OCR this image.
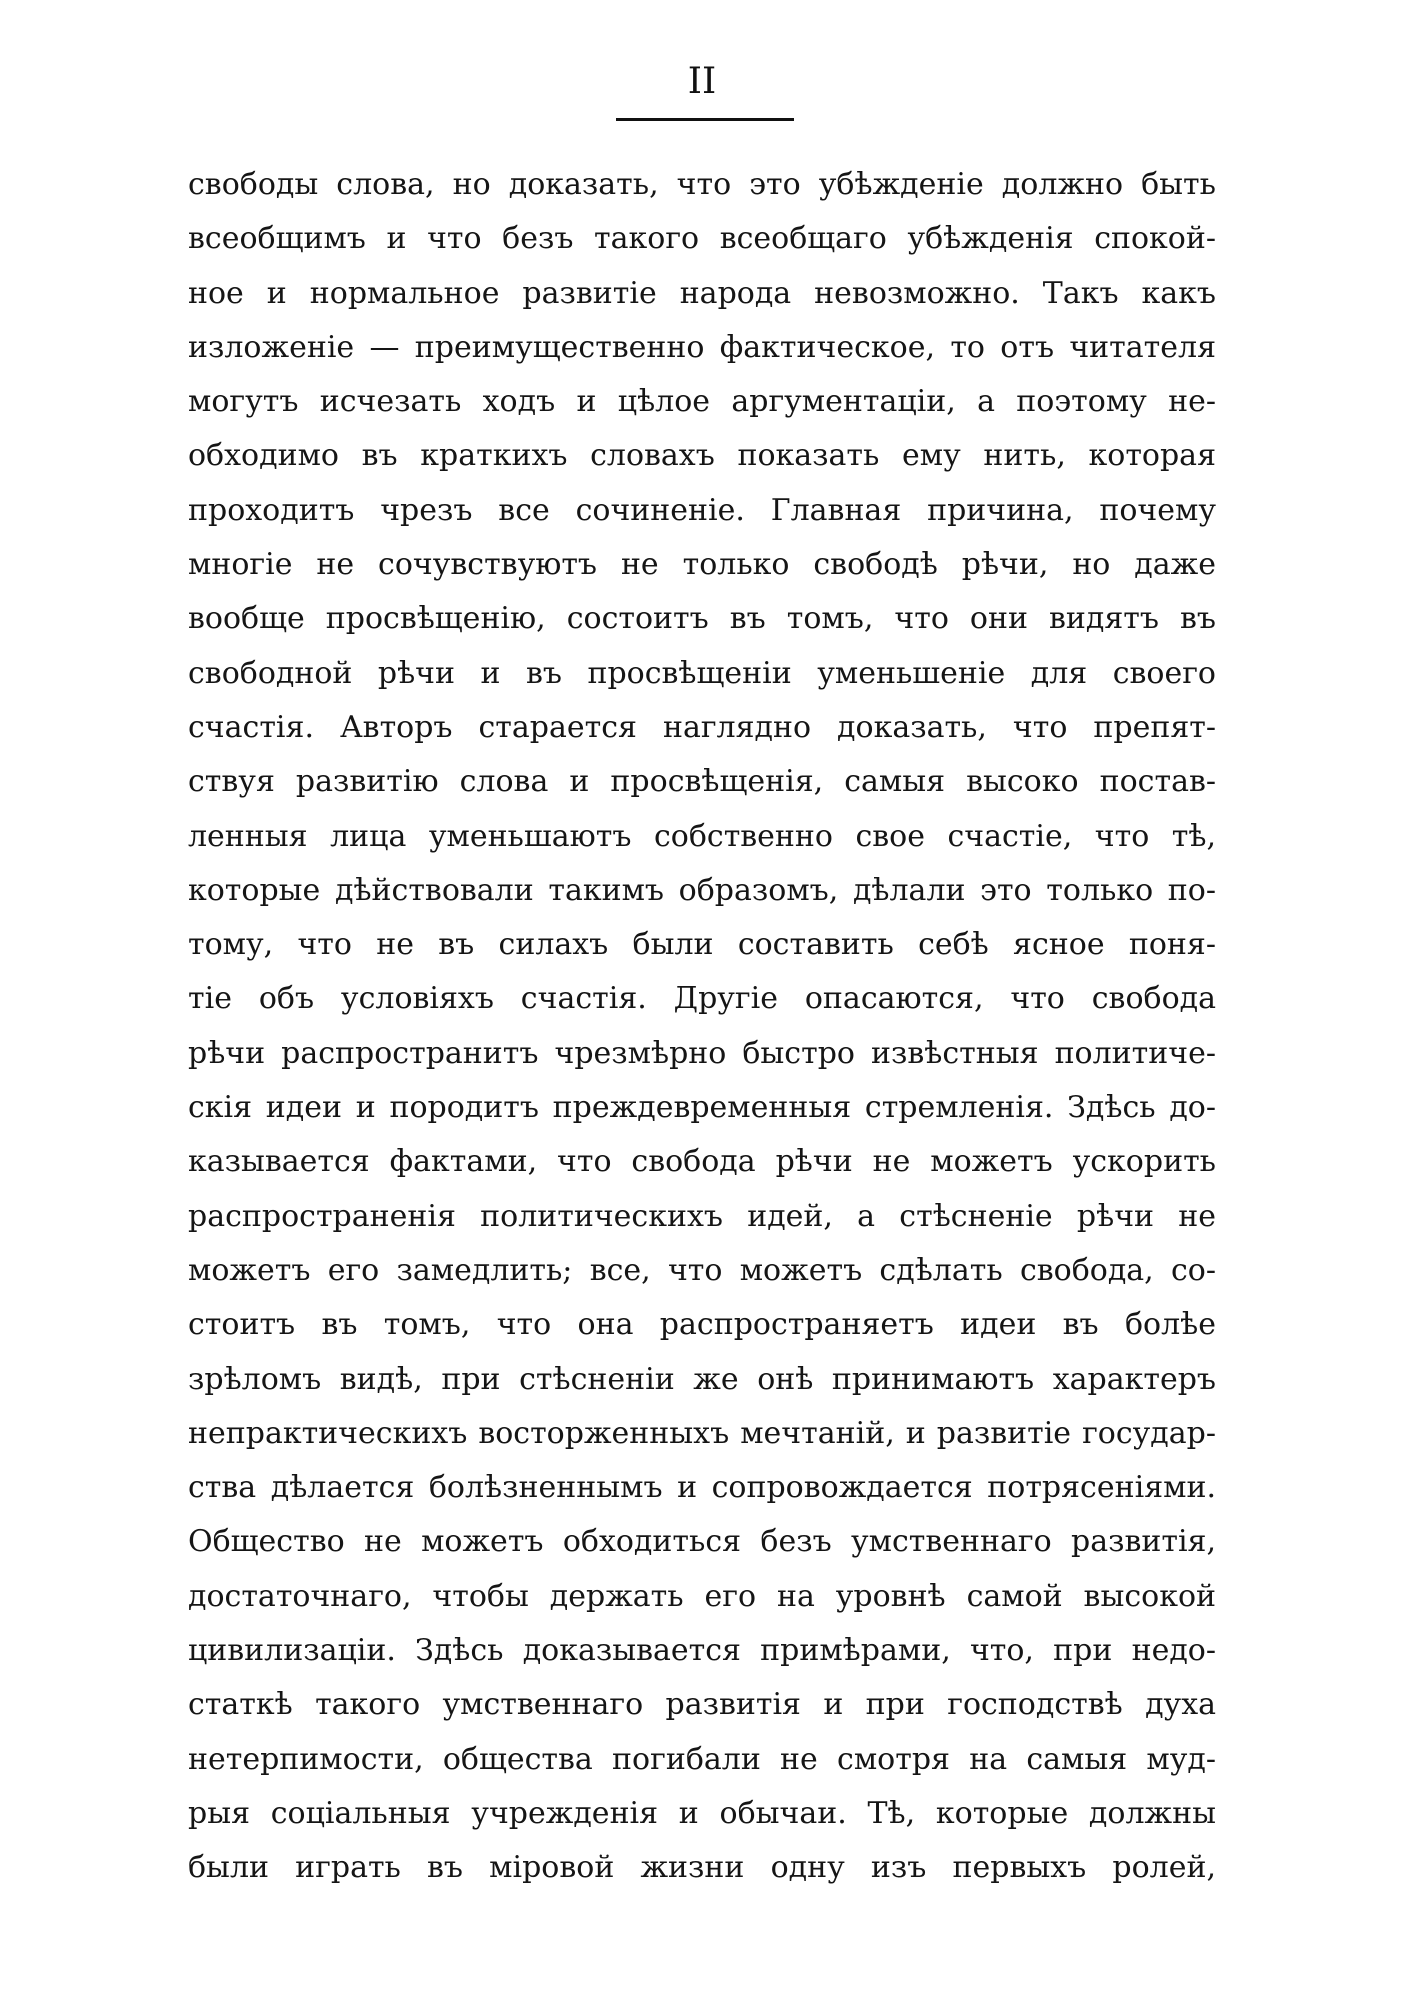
II
свободы слова, но доказать, что это убѣжденіе должно быть
всеобщимъ и что безъ такого всеобщаго убѣжденія спокой-
ное и нормальное развитіе народа невозможно. Такъ какъ
изложеніе — преимущественно фактическое, то отъ читателя
могутъ исчезать ходъ и цѣлое аргументаціи, а поэтому не-
обходимо въ краткихъ словахъ показать ему нить, которая
проходитъ чрезъ все сочиненіе. Главная причина, почему
многіе не сочувствуютъ не только свободѣ рѣчи, но даже
вообще просвѣщенію, состоитъ въ томъ, что они видятъ въ
свободной рѣчи и въ просвѣщеніи уменьшеніе для своего
счастія. Авторъ старается наглядно доказать, что препят-
ствуя развитію слова и просвѣщенія, самыя высоко постав-
ленныя лица уменьшаютъ собственно свое счастіе, что тѣ,
которые дѣйствовали такимъ образомъ, дѣлали это только по-
тому, что не въ силахъ были составить себѣ ясное поня-
тіе объ условіяхъ счастія. Другіе опасаются, что свобода
рѣчи распространитъ чрезмѣрно быстро извѣстныя политиче-
скія идеи и породитъ преждевременныя стремленія. Здѣсь до-
казывается фактами, что свобода рѣчи не можетъ ускорить
распространенія политическихъ идей, а стѣсненіе рѣчи не
можетъ его замедлить; все, что можетъ сдѣлать свобода, со-
стоитъ въ томъ, что она распространяетъ идеи въ болѣе
зрѣломъ видѣ, при стѣсненіи же онѣ принимаютъ характеръ
непрактическихъ восторженныхъ мечтаній, и развитіе государ-
ства дѣлается болѣзненнымъ и сопровождается потрясеніями.
Общество не можетъ обходиться безъ умственнаго развитія,
достаточнаго, чтобы держать его на уровнѣ самой высокой
цивилизаціи. Здѣсь доказывается примѣрами, что, при недо-
статкѣ такого умственнаго развитія и при господствѣ духа
нетерпимости, общества погибали не смотря на самыя муд-
рыя соціальныя учрежденія и обычаи. Тѣ, которые должны
были играть въ міровой жизни одну изъ первыхъ ролей,
